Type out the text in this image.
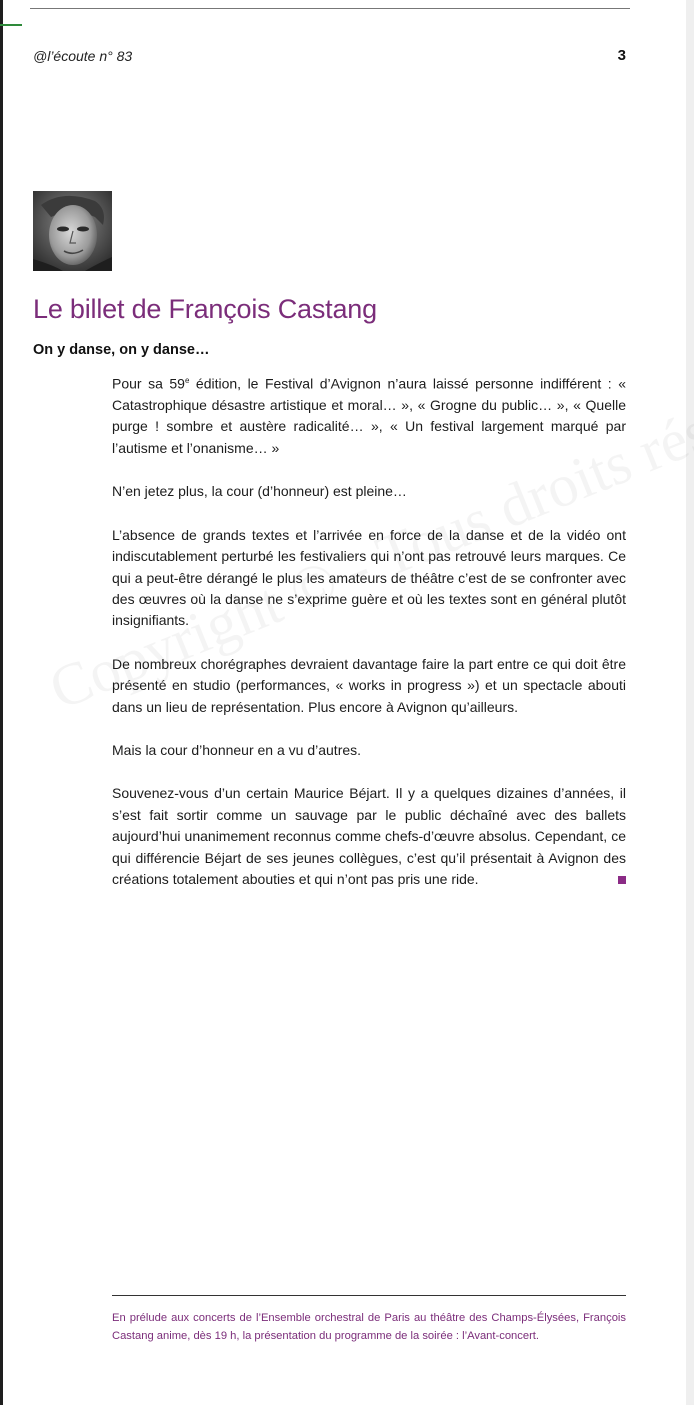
@l’écoute n° 83	3
Le billet de François Castang
On y danse, on y danse…

Pour sa 59e édition, le Festival d’Avignon n’aura laissé personne indifférent : « Catastrophique désastre artistique et moral… », « Grogne du public… », « Quelle purge ! sombre et austère radicalité… », « Un festival largement marqué par l’autisme et l’onanisme… »

N’en jetez plus, la cour (d’honneur) est pleine…

L’absence de grands textes et l’arrivée en force de la danse et de la vidéo ont indiscutablement perturbé les festivaliers qui n’ont pas retrouvé leurs marques. Ce qui a peut-être dérangé le plus les amateurs de théâtre c’est de se confronter avec des œuvres où la danse ne s’exprime guère et où les textes sont en général plutôt insignifiants.

De nombreux chorégraphes devraient davantage faire la part entre ce qui doit être présenté en studio (performances, « works in progress ») et un spectacle abouti dans un lieu de représentation. Plus encore à Avignon qu’ailleurs.

Mais la cour d’honneur en a vu d’autres.

Souvenez-vous d’un certain Maurice Béjart. Il y a quelques dizaines d’années, il s’est fait sortir comme un sauvage par le public déchaîné avec des ballets aujourd’hui unanimement reconnus comme chefs-d’œuvre absolus. Cependant, ce qui différencie Béjart de ses jeunes collègues, c’est qu’il présentait à Avignon des créations totalement abouties et qui n’ont pas pris une ride.

En prélude aux concerts de l’Ensemble orchestral de Paris au théâtre des Champs-Élysées, François Castang anime, dès 19 h, la présentation du programme de la soirée : l’Avant-concert.
